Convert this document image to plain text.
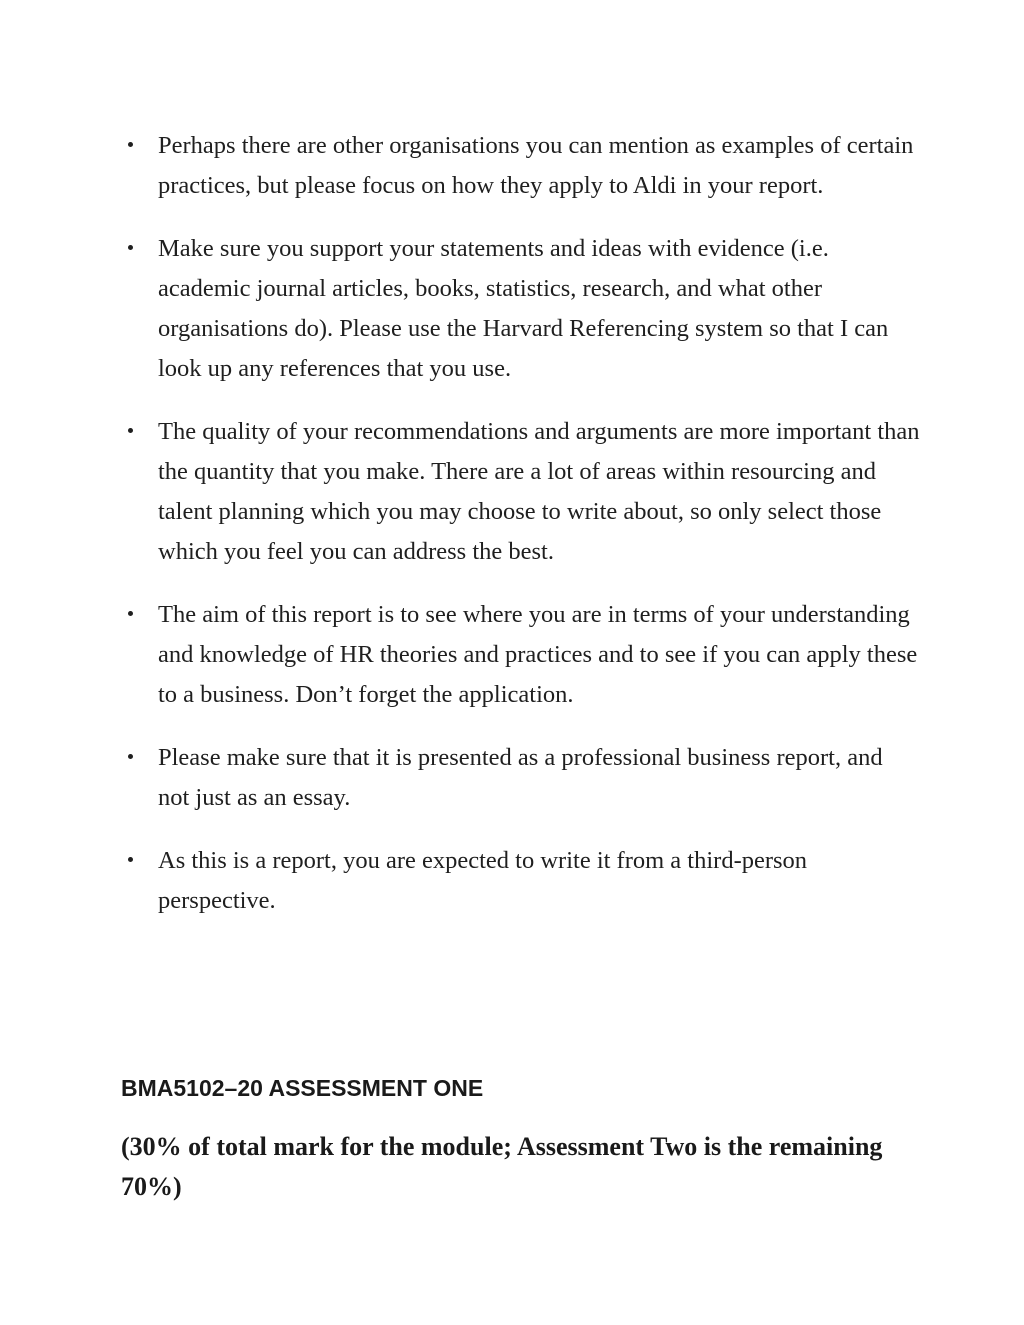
Perhaps there are other organisations you can mention as examples of certain practices, but please focus on how they apply to Aldi in your report.
Make sure you support your statements and ideas with evidence (i.e. academic journal articles, books, statistics, research, and what other organisations do). Please use the Harvard Referencing system so that I can look up any references that you use.
The quality of your recommendations and arguments are more important than the quantity that you make. There are a lot of areas within resourcing and talent planning which you may choose to write about, so only select those which you feel you can address the best.
The aim of this report is to see where you are in terms of your understanding and knowledge of HR theories and practices and to see if you can apply these to a business. Don’t forget the application.
Please make sure that it is presented as a professional business report, and not just as an essay.
As this is a report, you are expected to write it from a third-person perspective.
BMA5102–20 ASSESSMENT ONE

(30% of total mark for the module; Assessment Two is the remaining 70%)
